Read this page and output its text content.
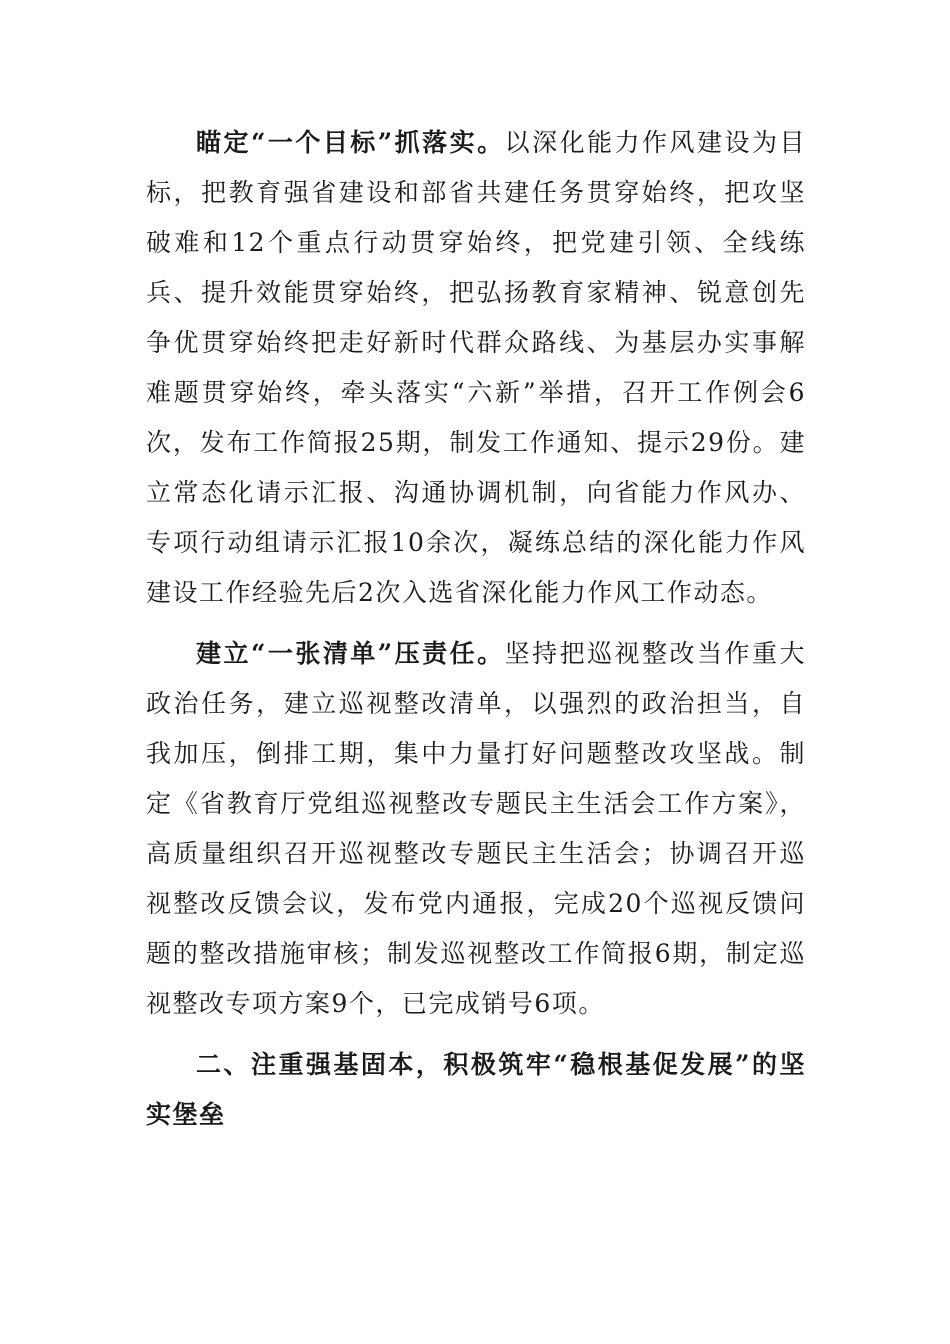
瞄定“一个目标”抓落实。以深化能力作风建设为目标，把教育强省建设和部省共建任务贯穿始终，把攻坚破难和12个重点行动贯穿始终，把党建引领、全线练兵、提升效能贯穿始终，把弘扬教育家精神、锐意创先争优贯穿始终把走好新时代群众路线、为基层办实事解难题贯穿始终，牵头落实“六新”举措，召开工作例会6次，发布工作简报25期，制发工作通知、提示29份。建立常态化请示汇报、沟通协调机制，向省能力作风办、专项行动组请示汇报10余次，凝练总结的深化能力作风建设工作经验先后2次入选省深化能力作风工作动态。

建立“一张清单”压责任。坚持把巡视整改当作重大政治任务，建立巡视整改清单，以强烈的政治担当，自我加压，倒排工期，集中力量打好问题整改攻坚战。制定《省教育厅党组巡视整改专题民主生活会工作方案》，高质量组织召开巡视整改专题民主生活会；协调召开巡视整改反馈会议，发布党内通报，完成20个巡视反馈问题的整改措施审核；制发巡视整改工作简报6期，制定巡视整改专项方案9个，已完成销号6项。

二、注重强基固本，积极筑牢“稳根基促发展”的坚实堡垒
